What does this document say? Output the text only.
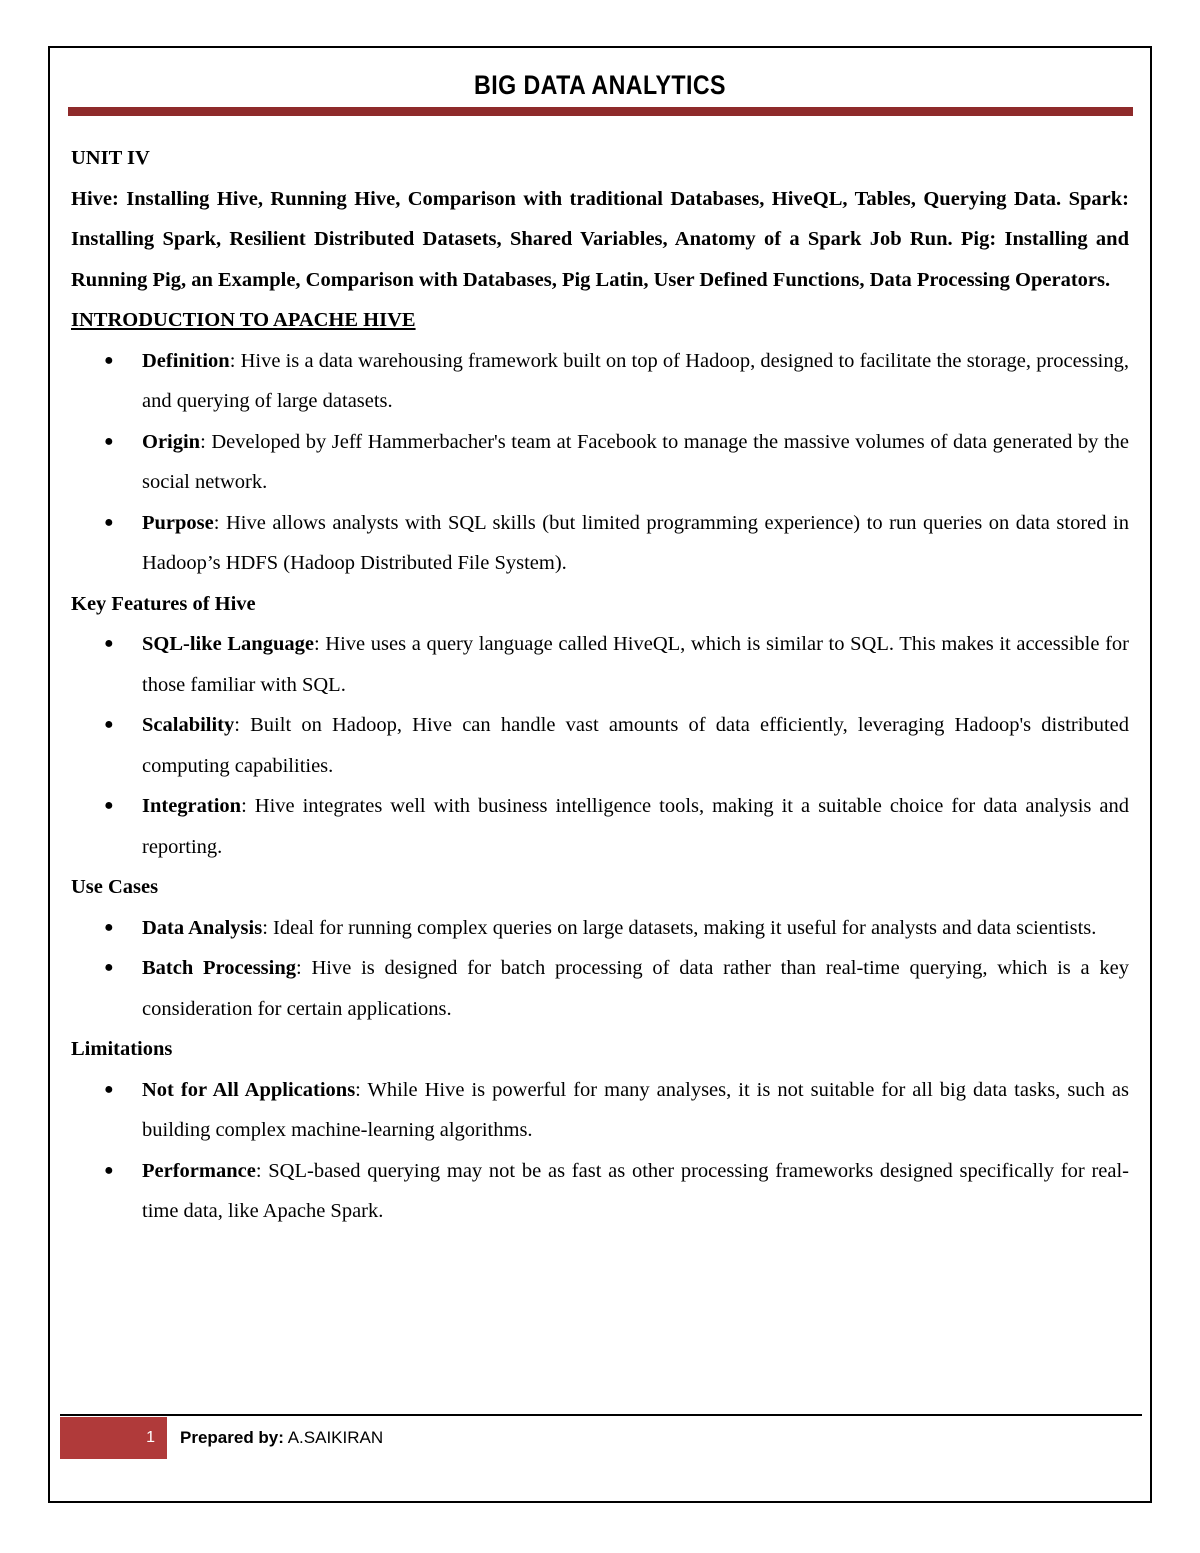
BIG DATA ANALYTICS

UNIT IV

Hive: Installing Hive, Running Hive, Comparison with traditional Databases, HiveQL, Tables, Querying Data. Spark: Installing Spark, Resilient Distributed Datasets, Shared Variables, Anatomy of a Spark Job Run. Pig: Installing and Running Pig, an Example, Comparison with Databases, Pig Latin, User Defined Functions, Data Processing Operators.

INTRODUCTION TO APACHE HIVE

● Definition: Hive is a data warehousing framework built on top of Hadoop, designed to facilitate the storage, processing, and querying of large datasets.
● Origin: Developed by Jeff Hammerbacher's team at Facebook to manage the massive volumes of data generated by the social network.
● Purpose: Hive allows analysts with SQL skills (but limited programming experience) to run queries on data stored in Hadoop’s HDFS (Hadoop Distributed File System).

Key Features of Hive

● SQL-like Language: Hive uses a query language called HiveQL, which is similar to SQL. This makes it accessible for those familiar with SQL.
● Scalability: Built on Hadoop, Hive can handle vast amounts of data efficiently, leveraging Hadoop's distributed computing capabilities.
● Integration: Hive integrates well with business intelligence tools, making it a suitable choice for data analysis and reporting.

Use Cases

● Data Analysis: Ideal for running complex queries on large datasets, making it useful for analysts and data scientists.
● Batch Processing: Hive is designed for batch processing of data rather than real-time querying, which is a key consideration for certain applications.

Limitations

● Not for All Applications: While Hive is powerful for many analyses, it is not suitable for all big data tasks, such as building complex machine-learning algorithms.
● Performance: SQL-based querying may not be as fast as other processing frameworks designed specifically for real-time data, like Apache Spark.
1 Prepared by: A.SAIKIRAN
